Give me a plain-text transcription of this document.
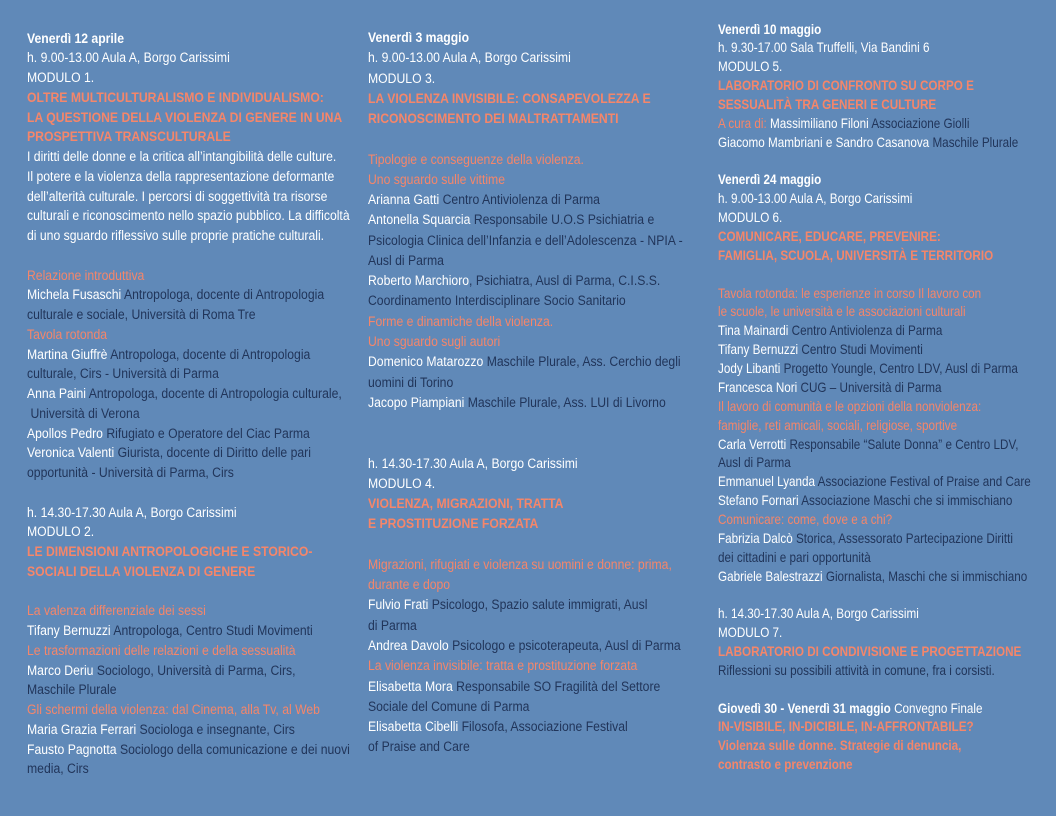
Venerdì 12 aprile
h. 9.00-13.00 Aula A, Borgo Carissimi
MODULO 1.
OLTRE MULTICULTURALISMO E INDIVIDUALISMO:
LA QUESTIONE DELLA VIOLENZA DI GENERE IN UNA
PROSPETTIVA TRANSCULTURALE
I diritti delle donne e la critica all’intangibilità delle culture.
Il potere e la violenza della rappresentazione deformante
dell’alterità culturale. I percorsi di soggettività tra risorse
culturali e riconoscimento nello spazio pubblico. La difficoltà
di uno sguardo riflessivo sulle proprie pratiche culturali.
Relazione introduttiva
Michela Fusaschi Antropologa, docente di Antropologia
culturale e sociale, Università di Roma Tre
Tavola rotonda
Martina Giuffrè Antropologa, docente di Antropologia
culturale, Cirs - Università di Parma
Anna Paini Antropologa, docente di Antropologia culturale,
Università di Verona
Apollos Pedro Rifugiato e Operatore del Ciac Parma
Veronica Valenti Giurista, docente di Diritto delle pari
opportunità - Università di Parma, Cirs
h. 14.30-17.30 Aula A, Borgo Carissimi
MODULO 2.
LE DIMENSIONI ANTROPOLOGICHE E STORICO-
SOCIALI DELLA VIOLENZA DI GENERE
La valenza differenziale dei sessi
Tifany Bernuzzi Antropologa, Centro Studi Movimenti
Le trasformazioni delle relazioni e della sessualità
Marco Deriu Sociologo, Università di Parma, Cirs,
Maschile Plurale
Gli schermi della violenza: dal Cinema, alla Tv, al Web
Maria Grazia Ferrari Sociologa e insegnante, Cirs
Fausto Pagnotta Sociologo della comunicazione e dei nuovi
media, Cirs
Venerdì 3 maggio
h. 9.00-13.00 Aula A, Borgo Carissimi
MODULO 3.
LA VIOLENZA INVISIBILE: CONSAPEVOLEZZA E
RICONOSCIMENTO DEI MALTRATTAMENTI
Tipologie e conseguenze della violenza.
Uno sguardo sulle vittime
Arianna Gatti Centro Antiviolenza di Parma
Antonella Squarcia Responsabile U.O.S Psichiatria e
Psicologia Clinica dell’Infanzia e dell’Adolescenza - NPIA -
Ausl di Parma
Roberto Marchioro, Psichiatra, Ausl di Parma, C.I.S.S.
Coordinamento Interdisciplinare Socio Sanitario
Forme e dinamiche della violenza.
Uno sguardo sugli autori
Domenico Matarozzo Maschile Plurale, Ass. Cerchio degli
uomini di Torino
Jacopo Piampiani Maschile Plurale, Ass. LUI di Livorno
h. 14.30-17.30 Aula A, Borgo Carissimi
MODULO 4.
VIOLENZA, MIGRAZIONI, TRATTA
E PROSTITUZIONE FORZATA
Migrazioni, rifugiati e violenza su uomini e donne: prima,
durante e dopo
Fulvio Frati Psicologo, Spazio salute immigrati, Ausl
di Parma
Andrea Davolo Psicologo e psicoterapeuta, Ausl di Parma
La violenza invisibile: tratta e prostituzione forzata
Elisabetta Mora Responsabile SO Fragilità del Settore
Sociale del Comune di Parma
Elisabetta Cibelli Filosofa, Associazione Festival
of Praise and Care
Venerdì 10 maggio
h. 9.30-17.00 Sala Truffelli, Via Bandini 6
MODULO 5.
LABORATORIO DI CONFRONTO SU CORPO E
SESSUALITÀ TRA GENERI E CULTURE
A cura di: Massimiliano Filoni Associazione Giolli
Giacomo Mambriani e Sandro Casanova Maschile Plurale
Venerdì 24 maggio
h. 9.00-13.00 Aula A, Borgo Carissimi
MODULO 6.
COMUNICARE, EDUCARE, PREVENIRE:
FAMIGLIA, SCUOLA, UNIVERSITÀ E TERRITORIO
Tavola rotonda: le esperienze in corso Il lavoro con
le scuole, le università e le associazioni culturali
Tina Mainardi Centro Antiviolenza di Parma
Tifany Bernuzzi Centro Studi Movimenti
Jody Libanti Progetto Youngle, Centro LDV, Ausl di Parma
Francesca Nori CUG – Università di Parma
Il lavoro di comunità e le opzioni della nonviolenza:
famiglie, reti amicali, sociali, religiose, sportive
Carla Verrotti Responsabile “Salute Donna” e Centro LDV,
Ausl di Parma
Emmanuel Lyanda Associazione Festival of Praise and Care
Stefano Fornari Associazione Maschi che si immischiano
Comunicare: come, dove e a chi?
Fabrizia Dalcò Storica, Assessorato Partecipazione Diritti
dei cittadini e pari opportunità
Gabriele Balestrazzi Giornalista, Maschi che si immischiano
h. 14.30-17.30 Aula A, Borgo Carissimi
MODULO 7.
LABORATORIO DI CONDIVISIONE E PROGETTAZIONE
Riflessioni su possibili attività in comune, fra i corsisti.
Giovedì 30 - Venerdì 31 maggio Convegno Finale
IN-VISIBILE, IN-DICIBILE, IN-AFFRONTABILE?
Violenza sulle donne. Strategie di denuncia,
contrasto e prevenzione
